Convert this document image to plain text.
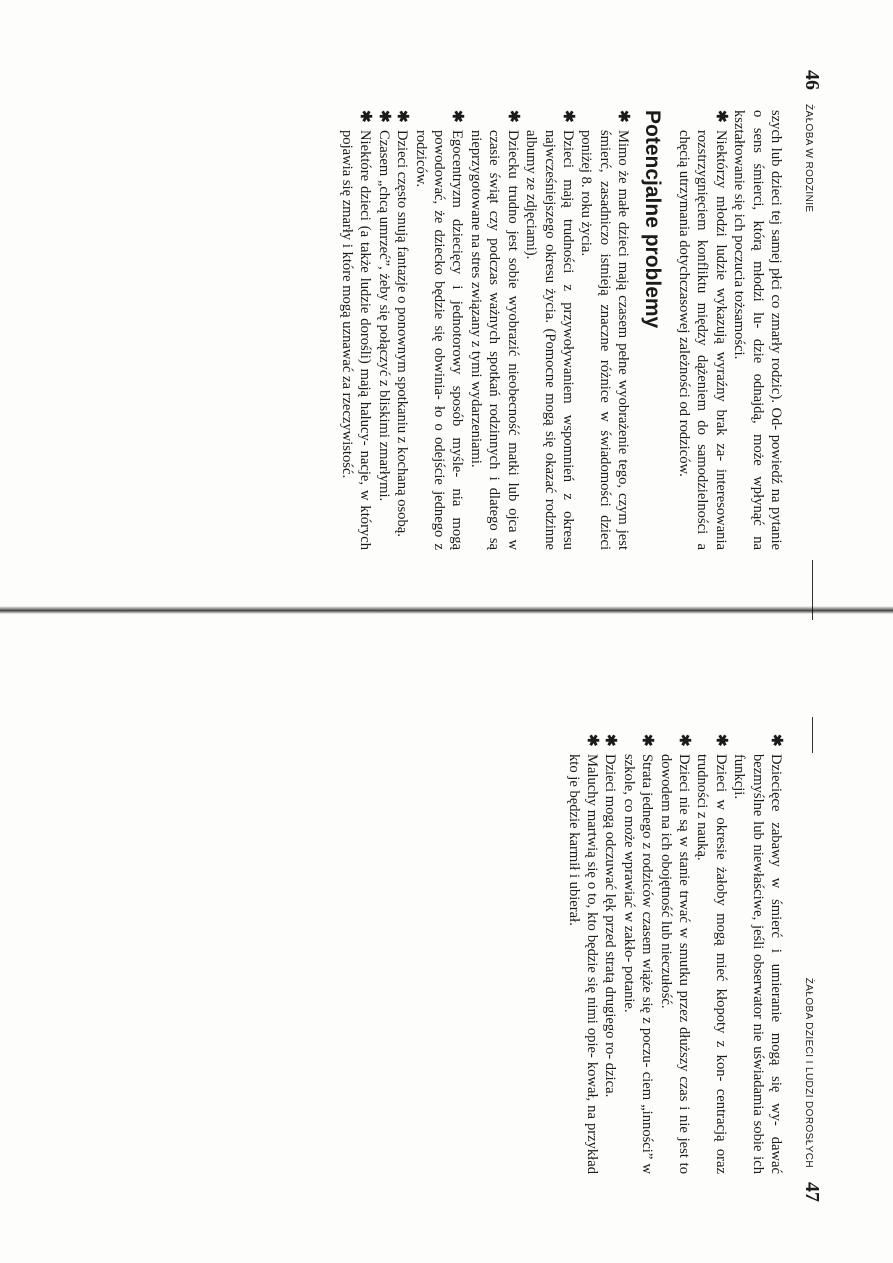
46
ŻAŁOBA W RODZINIE

szych lub dzieci tej samej płci co zmarły rodzic). Od- powiedź na pytanie o sens śmierci, którą młodzi lu- dzie odnajdą, może wpłynąć na kształtowanie się ich poczucia tożsamości.

✱
Niektórzy młodzi ludzie wykazują wyraźny brak za- interesowania rozstrzygnięciem konfliktu między dążeniem do samodzielności a chęcią utrzymania dotychczasowej zależności od rodziców.
Potencjalne problemy
✱
Mimo że małe dzieci mają czasem pełne wyobrażenie tego, czym jest śmierć, zasadniczo istnieją znaczne różnice w świadomości dzieci poniżej 8. roku życia.
✱
Dzieci mają trudności z przywoływaniem wspomnień z okresu najwcześniejszego okresu życia. (Pomocne mogą się okazać rodzinne albumy ze zdjęciami).
✱
Dziecku trudno jest sobie wyobrazić nieobecność matki lub ojca w czasie świąt czy podczas ważnych spotkań rodzinnych i dlatego są nieprzygotowane na stres związany z tymi wydarzeniami.
✱
Egocentryzm dziecięcy i jednotorowy sposób myśle- nia mogą powodować, że dziecko będzie się obwinia- ło o odejście jednego z rodziców.
✱
Dzieci często snują fantazje o ponownym spotkaniu z kochaną osobą.
✱
Czasem „chcą umrzeć”, żeby się połączyć z bliskimi zmarłymi.
✱
Niektóre dzieci (a także ludzie dorośli) mają halucy- nacje, w których pojawia się zmarły i które mogą uznawać za rzeczywistość.
ŻAŁOBA DZIECI I LUDZI DOROSŁYCH
47
✱
Dziecięce zabawy w śmierć i umieranie mogą się wy- dawać bezmyślne lub niewłaściwe, jeśli obserwator nie uświadamia sobie ich funkcji.
✱
Dzieci w okresie żałoby mogą mieć kłopoty z kon- centracją oraz trudności z nauką.
✱
Dzieci nie są w stanie trwać w smutku przez dłuższy czas i nie jest to dowodem na ich obojętność lub nieczułość.
✱
Strata jednego z rodziców czasem wiąże się z poczu- ciem „inności” w szkole, co może wprawiać w zakło- potanie.
✱
Dzieci mogą odczuwać lęk przed stratą drugiego ro- dzica.
✱
Maluchy martwią się o to, kto będzie się nimi opie- kował, na przykład kto je będzie karmił i ubierał.
